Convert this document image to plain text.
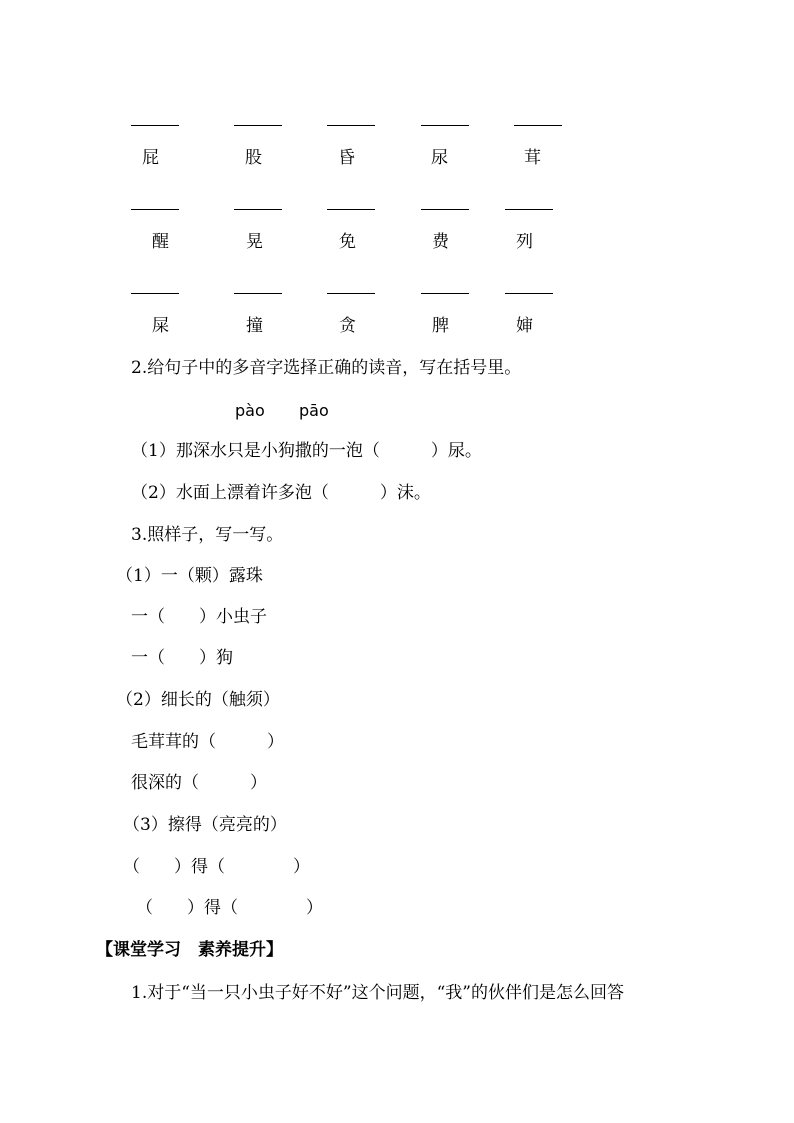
屁	股	昏	尿	茸
醒	晃	免	费	列
屎	撞	贪	脾	婶
2.给句子中的多音字选择正确的读音，写在括号里。
pào pāo
（1）那深水只是小狗撒的一泡（　　　）尿。
（2）水面上漂着许多泡（　　　）沫。
3.照样子，写一写。
（1）一（颗）露珠
一（　　）小虫子
一（　　）狗
（2）细长的（触须）
毛茸茸的（　　　）
很深的（　　　）
（3）擦得（亮亮的）
（　　）得（　　　　）
（　　）得（　　　　）
【课堂学习　素养提升】
1.对于“当一只小虫子好不好”这个问题，“我”的伙伴们是怎么回答
